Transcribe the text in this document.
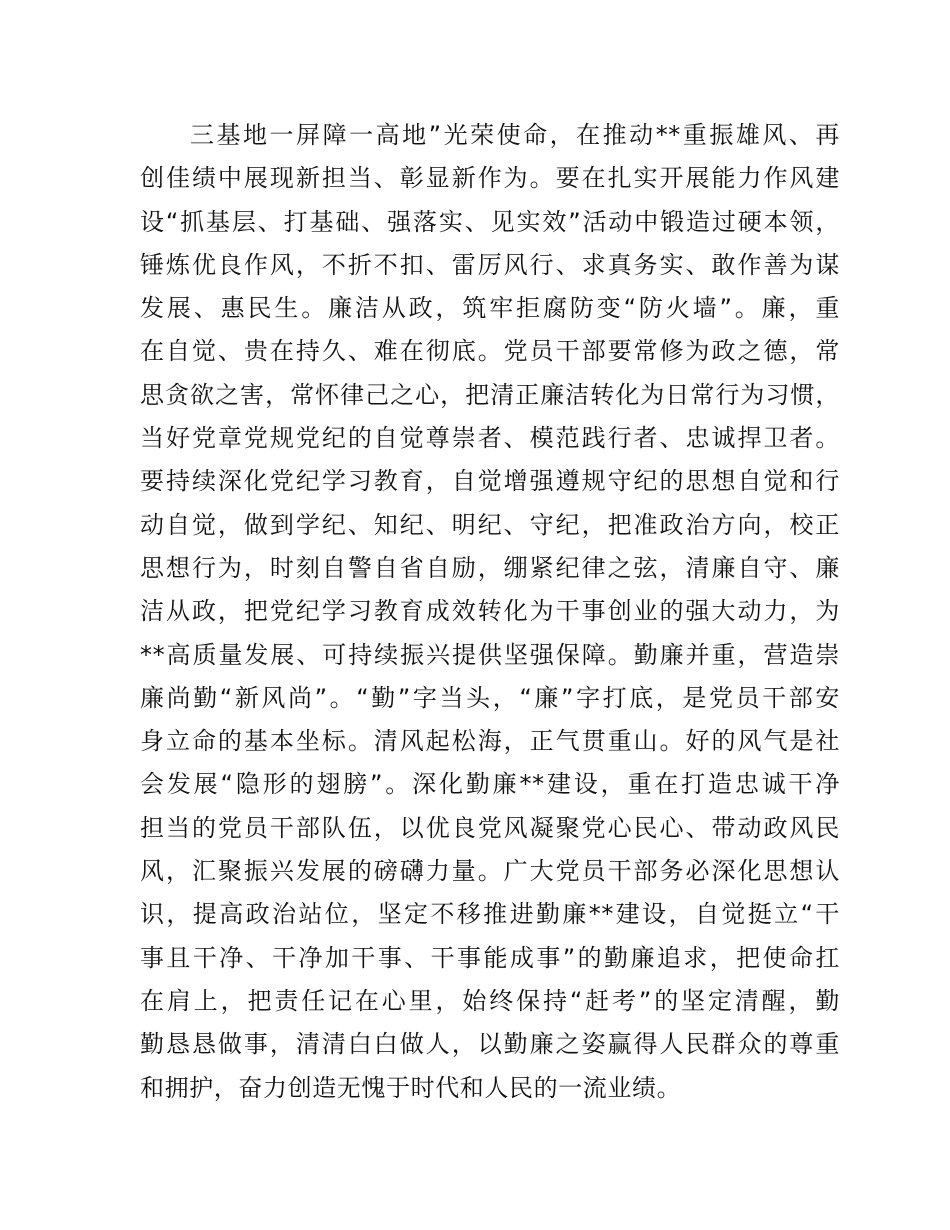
三基地一屏障一高地”光荣使命，在推动**重振雄风、再
创佳绩中展现新担当、彰显新作为。要在扎实开展能力作风建
设“抓基层、打基础、强落实、见实效”活动中锻造过硬本领，
锤炼优良作风，不折不扣、雷厉风行、求真务实、敢作善为谋
发展、惠民生。廉洁从政，筑牢拒腐防变“防火墙”。廉，重
在自觉、贵在持久、难在彻底。党员干部要常修为政之德，常
思贪欲之害，常怀律己之心，把清正廉洁转化为日常行为习惯，
当好党章党规党纪的自觉尊崇者、模范践行者、忠诚捍卫者。
要持续深化党纪学习教育，自觉增强遵规守纪的思想自觉和行
动自觉，做到学纪、知纪、明纪、守纪，把准政治方向，校正
思想行为，时刻自警自省自励，绷紧纪律之弦，清廉自守、廉
洁从政，把党纪学习教育成效转化为干事创业的强大动力，为
**高质量发展、可持续振兴提供坚强保障。勤廉并重，营造崇
廉尚勤“新风尚”。“勤”字当头，“廉”字打底，是党员干部安
身立命的基本坐标。清风起松海，正气贯重山。好的风气是社
会发展“隐形的翅膀”。深化勤廉**建设，重在打造忠诚干净
担当的党员干部队伍，以优良党风凝聚党心民心、带动政风民
风，汇聚振兴发展的磅礴力量。广大党员干部务必深化思想认
识，提高政治站位，坚定不移推进勤廉**建设，自觉挺立“干
事且干净、干净加干事、干事能成事”的勤廉追求，把使命扛
在肩上，把责任记在心里，始终保持“赶考”的坚定清醒，勤
勤恳恳做事，清清白白做人，以勤廉之姿赢得人民群众的尊重
和拥护，奋力创造无愧于时代和人民的一流业绩。
